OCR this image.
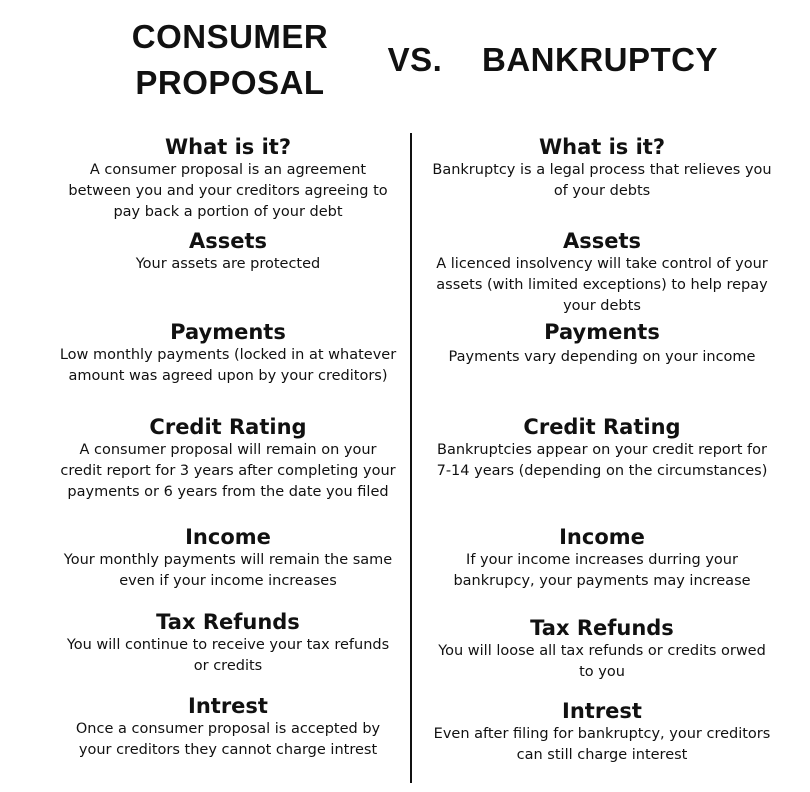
CONSUMER
PROPOSAL
VS.	BANKRUPTCY
What is it?

A consumer proposal is an agreement between you and your creditors agreeing to pay back a portion of your debt

Assets

Your assets are protected

Payments

Low monthly payments (locked in at whatever amount was agreed upon by your creditors)

Credit Rating

A consumer proposal will remain on your credit report for 3 years after completing your payments or 6 years from the date you filed

Income

Your monthly payments will remain the same even if your income increases

Tax Refunds

You will continue to receive your tax refunds or credits

Intrest

Once a consumer proposal is accepted by your creditors they cannot charge intrest

What is it?

Bankruptcy is a legal process that relieves you of your debts

Assets

A licenced insolvency will take control of your assets (with limited exceptions) to help repay your debts

Payments

Payments vary depending on your income

Credit Rating

Bankruptcies appear on your credit report for 7-14 years (depending on the circumstances)

Income

If your income increases durring your bankrupcy, your payments may increase

Tax Refunds

You will loose all tax refunds or credits orwed to you

Intrest

Even after filing for bankruptcy, your creditors can still charge interest
